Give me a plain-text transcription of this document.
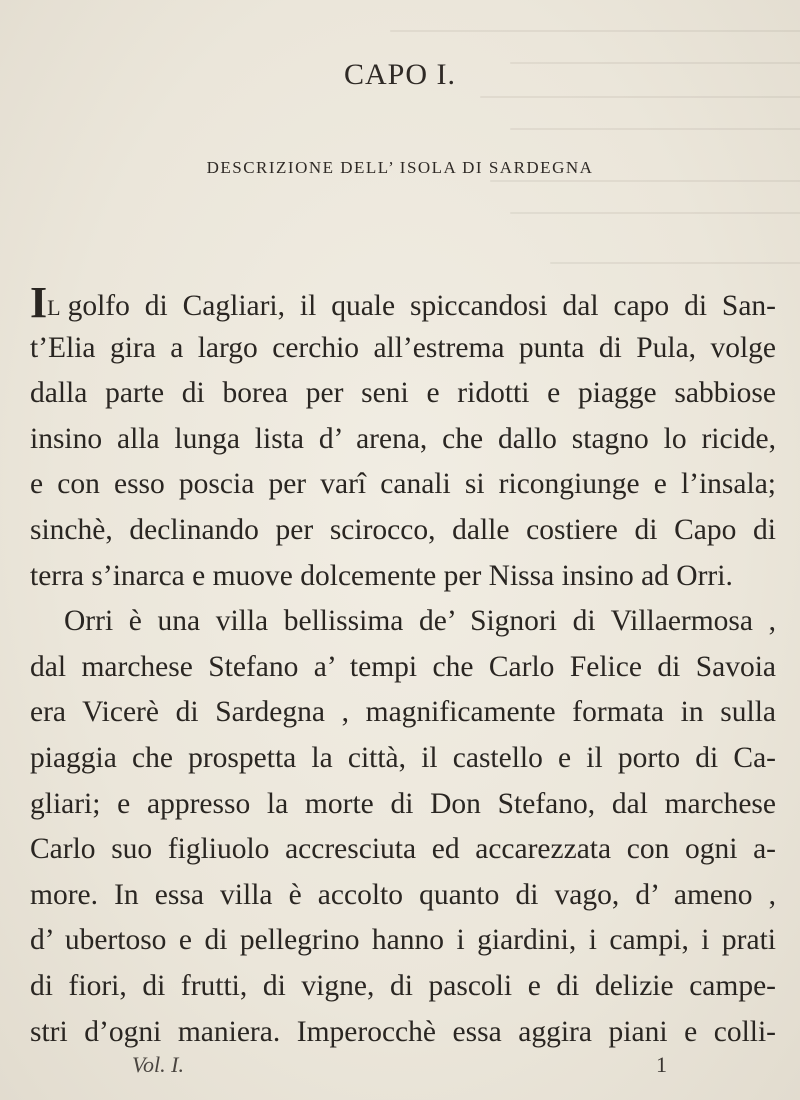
CAPO I.
DESCRIZIONE DELL’ ISOLA DI SARDEGNA
IL golfo di Cagliari, il quale spiccandosi dal capo di San-
t’Elia gira a largo cerchio all’estrema punta di Pula, volge
dalla parte di borea per seni e ridotti e piagge sabbiose
insino alla lunga lista d’ arena, che dallo stagno lo ricide,
e con esso poscia per varî canali si ricongiunge e l’insala;
sinchè, declinando per scirocco, dalle costiere di Capo di
terra s’inarca e muove dolcemente per Nissa insino ad Orri.
Orri è una villa bellissima de’ Signori di Villaermosa ,
dal marchese Stefano a’ tempi che Carlo Felice di Savoia
era Vicerè di Sardegna , magnificamente formata in sulla
piaggia che prospetta la città, il castello e il porto di Ca-
gliari; e appresso la morte di Don Stefano, dal marchese
Carlo suo figliuolo accresciuta ed accarezzata con ogni a-
more. In essa villa è accolto quanto di vago, d’ ameno ,
d’ ubertoso e di pellegrino hanno i giardini, i campi, i prati
di fiori, di frutti, di vigne, di pascoli e di delizie campe-
stri d’ogni maniera. Imperocchè essa aggira piani e colli-
Vol. I.	1
